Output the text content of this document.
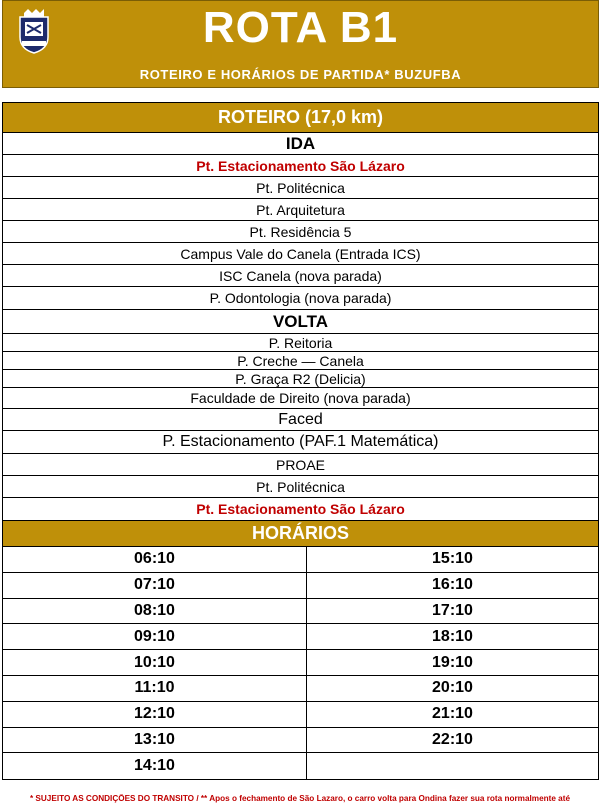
ROTA B1
ROTEIRO E HORÁRIOS DE PARTIDA* BUZUFBA
ROTEIRO (17,0 km)
IDA
Pt. Estacionamento São Lázaro
Pt. Politécnica
Pt. Arquitetura
Pt. Residência 5
Campus Vale do Canela (Entrada ICS)
ISC Canela (nova parada)
P. Odontologia (nova parada)
VOLTA
P. Reitoria
P. Creche — Canela
P. Graça R2 (Delicia)
Faculdade de Direito (nova parada)
Faced
P. Estacionamento (PAF.1 Matemática)
PROAE
Pt. Politécnica
Pt. Estacionamento São Lázaro
HORÁRIOS
06:10	15:10
07:10	16:10
08:10	17:10
09:10	18:10
10:10	19:10
11:10	20:10
12:10	21:10
13:10	22:10
14:10
* SUJEITO AS CONDIÇÕES DO TRANSITO / ** Apos o fechamento de São Lazaro, o carro volta para Ondina fazer sua rota normalmente até
